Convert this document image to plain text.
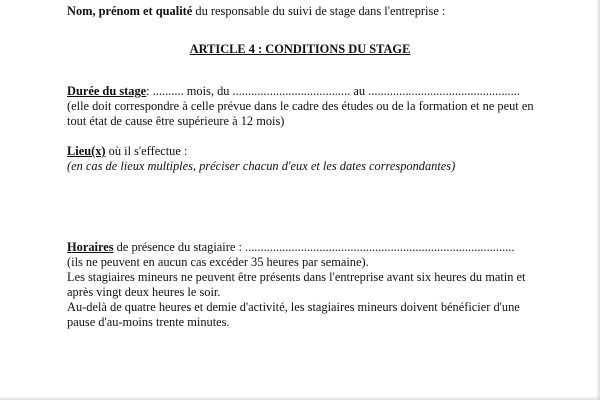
Nom, prénom et qualité du responsable du suivi de stage dans l'entreprise :
ARTICLE 4 : CONDITIONS DU STAGE
Durée du stage: .......... mois, du ...................................... au .................................................
(elle doit correspondre à celle prévue dans le cadre des études ou de la formation et ne peut en
tout état de cause être supérieure à 12 mois)
Lieu(x) où il s'effectue :
(en cas de lieux multiples, préciser chacun d'eux et les dates correspondantes)
Horaires de présence du stagiaire : .......................................................................................
(ils ne peuvent en aucun cas excéder 35 heures par semaine).
Les stagiaires mineurs ne peuvent être présents dans l'entreprise avant six heures du matin et
après vingt deux heures le soir.
Au-delà de quatre heures et demie d'activité, les stagiaires mineurs doivent bénéficier d'une
pause d'au-moins trente minutes.
